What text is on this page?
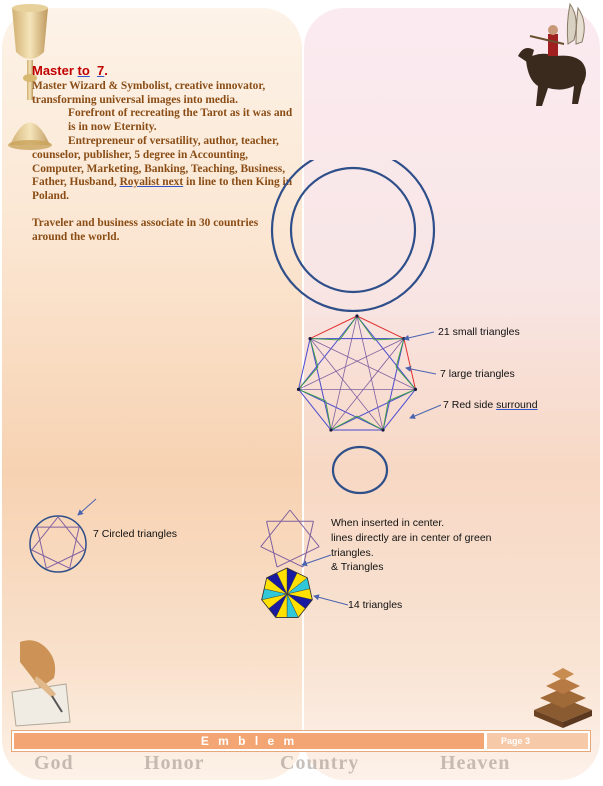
Master to 7.

Master Wizard & Symbolist, creative innovator, transforming universal images into media.

Forefront of recreating the Tarot as it was and is in now Eternity.

Entrepreneur of versatility, author, teacher, counselor, publisher, 5 degree in Accounting, Computer, Marketing, Banking, Teaching, Business, Father, Husband, Royalist next in line to then King in Poland.

Traveler and business associate in 30 countries around the world.

21 small triangles
7 large triangles
7 Red side surround
7 Circled triangles
14 triangles
When inserted in center.
lines directly are in center of green triangles.
& Triangles
E m b l e m	Page 3
God	Honor	Country	Heaven
